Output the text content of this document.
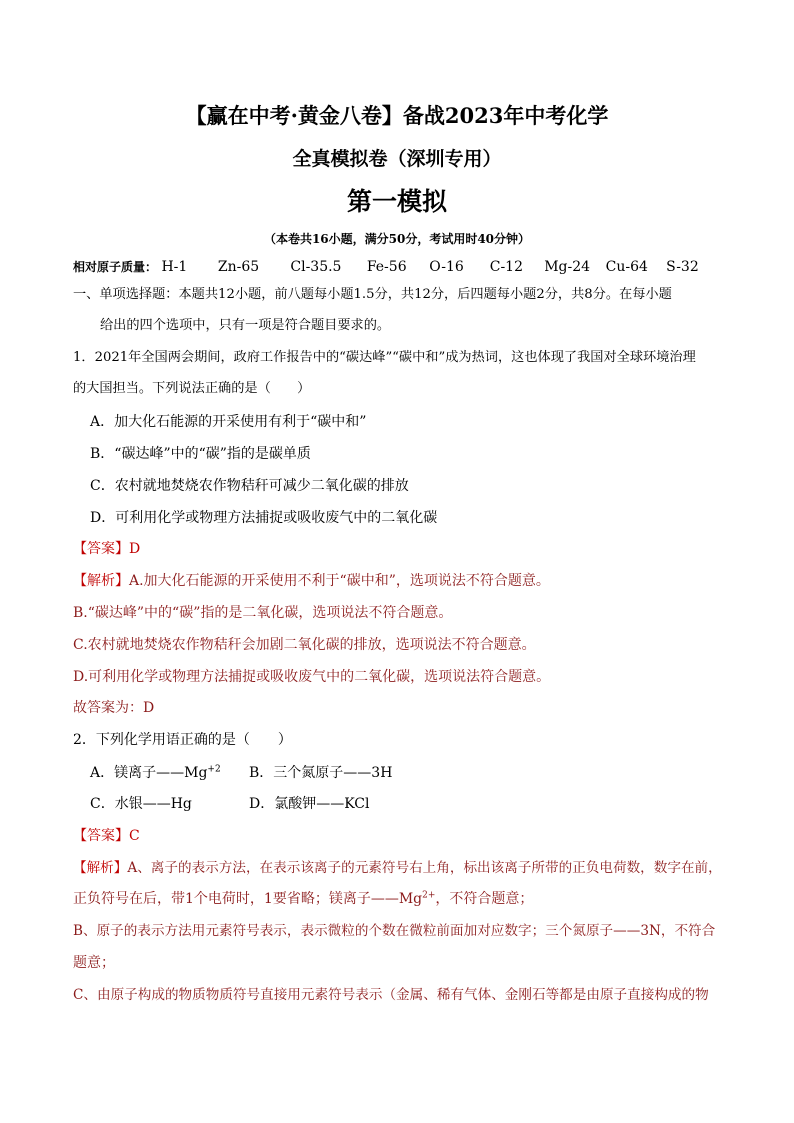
【赢在中考·黄金八卷】备战2023年中考化学
全真模拟卷（深圳专用）
第一模拟
（本卷共16小题，满分50分，考试用时40分钟）
相对原子质量： H-1 Zn-65 Cl-35.5 Fe-56 O-16 C-12 Mg-24 Cu-64 S-32
一、单项选择题：本题共12小题，前八题每小题1.5分，共12分，后四题每小题2分，共8分。在每小题
给出的四个选项中，只有一项是符合题目要求的。
1．2021年全国两会期间，政府工作报告中的“碳达峰”“碳中和”成为热词，这也体现了我国对全球环境治理
的大国担当。下列说法正确的是（　　）
A．加大化石能源的开采使用有利于“碳中和”
B．“碳达峰”中的“碳”指的是碳单质
C．农村就地焚烧农作物秸秆可减少二氧化碳的排放
D．可利用化学或物理方法捕捉或吸收废气中的二氧化碳
【答案】D
【解析】A.加大化石能源的开采使用不利于“碳中和”，选项说法不符合题意。
B.“碳达峰”中的“碳”指的是二氧化碳，选项说法不符合题意。
C.农村就地焚烧农作物秸秆会加剧二氧化碳的排放，选项说法不符合题意。
D.可利用化学或物理方法捕捉或吸收废气中的二氧化碳，选项说法符合题意。
故答案为：D
2．下列化学用语正确的是（　　）
A．镁离子$——Mg^{+2}$ B．三个氮原子——3H
C．水银——Hg	D．氯酸钾——KCl
【答案】C
【解析】A、离子的表示方法，在表示该离子的元素符号右上角，标出该离子所带的正负电荷数，数字在前，
正负符号在后，带1个电荷时，1要省略；镁离子$——Mg^{2+}$，不符合题意；
B、原子的表示方法用元素符号表示，表示微粒的个数在微粒前面加对应数字；三个氮原子——3N，不符合
题意；
C、由原子构成的物质物质符号直接用元素符号表示（金属、稀有气体、金刚石等都是由原子直接构成的物
